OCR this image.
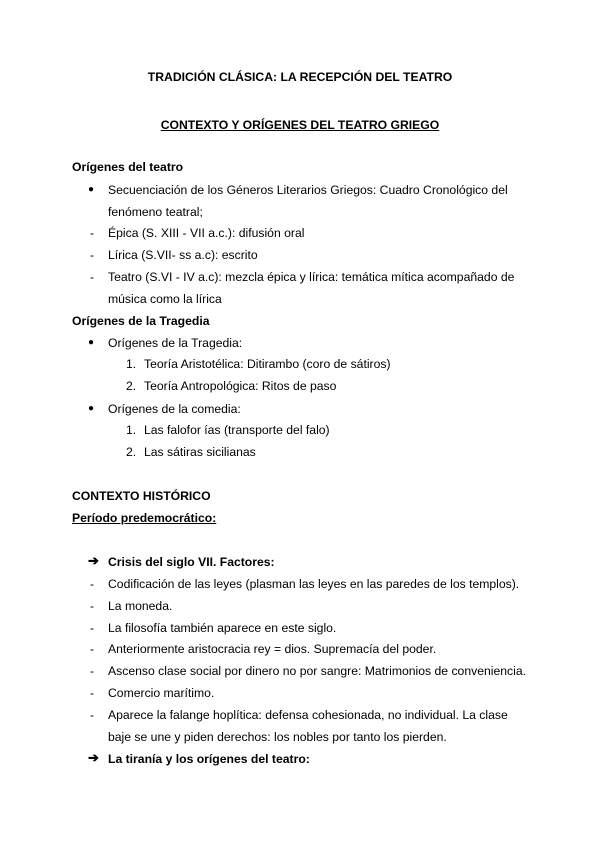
TRADICIÓN CLÁSICA: LA RECEPCIÓN DEL TEATRO
CONTEXTO Y ORÍGENES DEL TEATRO GRIEGO
Orígenes del teatro
● Secuenciación de los Géneros Literarios Griegos: Cuadro Cronológico del
fenómeno teatral;
- Épica (S. XIII - VII a.c.): difusión oral
- Lírica (S.VII- ss a.c): escrito
- Teatro (S.VI - IV a.c): mezcla épica y lírica: temática mítica acompañado de
música como la lírica
Orígenes de la Tragedia
● Orígenes de la Tragedia:
1. Teoría Aristotélica: Ditirambo (coro de sátiros)
2. Teoría Antropológica: Ritos de paso
● Orígenes de la comedia:
1. Las falofor ías (transporte del falo)
2. Las sátiras sicilianas
CONTEXTO HISTÓRICO
Período predemocrático:
➔ Crisis del siglo VII. Factores:
- Codificación de las leyes (plasman las leyes en las paredes de los templos).
- La moneda.
- La filosofía también aparece en este siglo.
- Anteriormente aristocracia rey = dios. Supremacía del poder.
- Ascenso clase social por dinero no por sangre: Matrimonios de conveniencia.
- Comercio marítimo.
- Aparece la falange hoplítica: defensa cohesionada, no individual. La clase
baje se une y piden derechos: los nobles por tanto los pierden.
➔ La tiranía y los orígenes del teatro:
